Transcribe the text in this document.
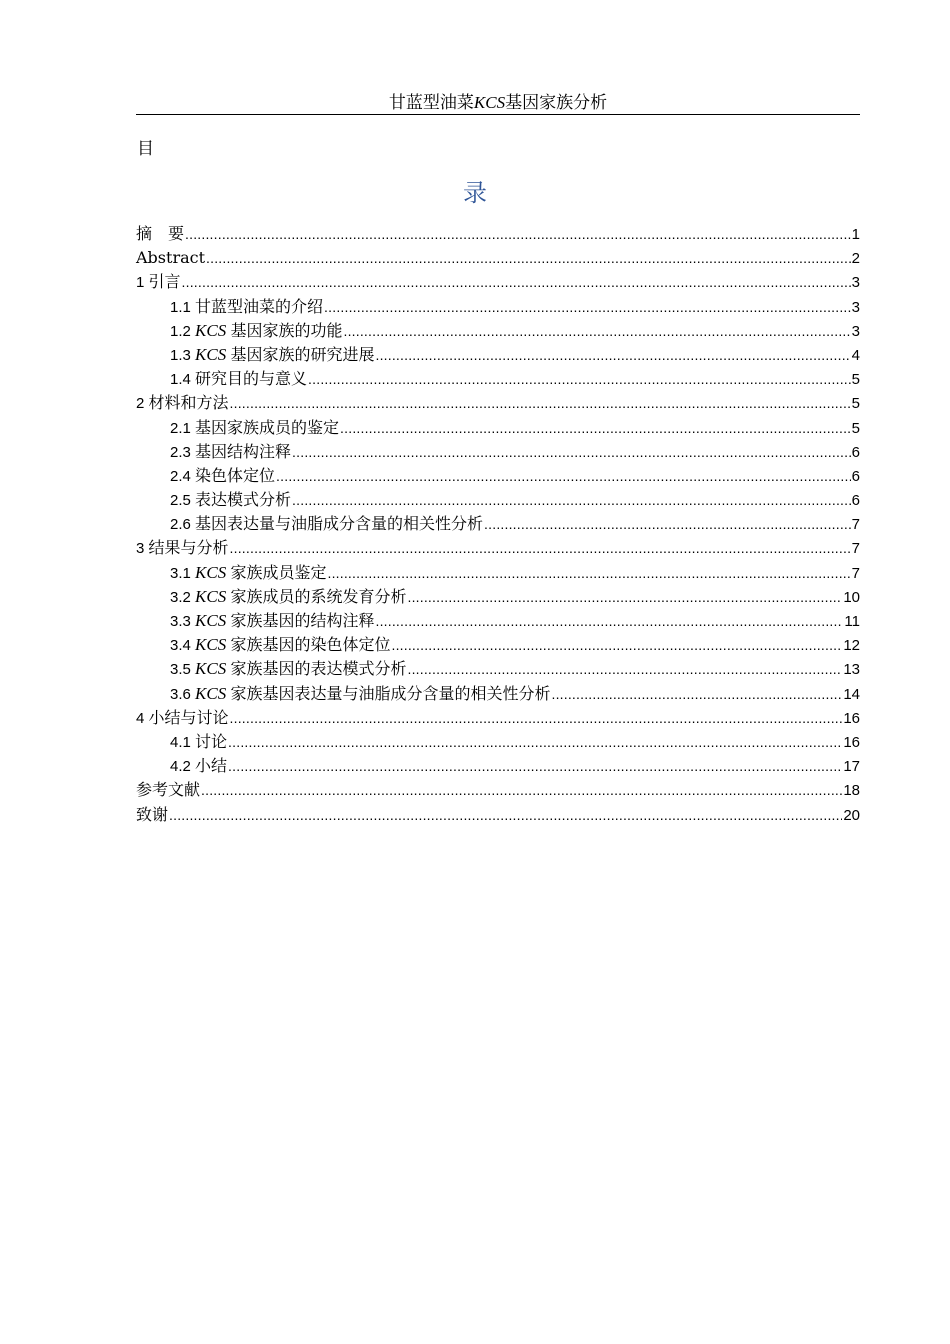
甘蓝型油菜KCS基因家族分析
目
录
摘　要 .....	1
Abstract .....	2
1 引言 .....	3
1.1 甘蓝型油菜的介绍 .....	3
1.2 KCS 基因家族的功能 .....	3
1.3 KCS 基因家族的研究进展 .....	4
1.4 研究目的与意义 .....	5
2 材料和方法 .....	5
2.1 基因家族成员的鉴定 .....	5
2.3 基因结构注释 .....	6
2.4 染色体定位 .....	6
2.5 表达模式分析 .....	6
2.6 基因表达量与油脂成分含量的相关性分析 .....	7
3 结果与分析 .....	7
3.1 KCS 家族成员鉴定 .....	7
3.2 KCS 家族成员的系统发育分析 .....	10
3.3 KCS 家族基因的结构注释 .....	11
3.4 KCS 家族基因的染色体定位 .....	12
3.5 KCS 家族基因的表达模式分析 .....	13
3.6 KCS 家族基因表达量与油脂成分含量的相关性分析 .....	14
4 小结与讨论 .....	16
4.1 讨论 .....	16
4.2 小结 .....	17
参考文献 .....	18
致谢 .....	20
